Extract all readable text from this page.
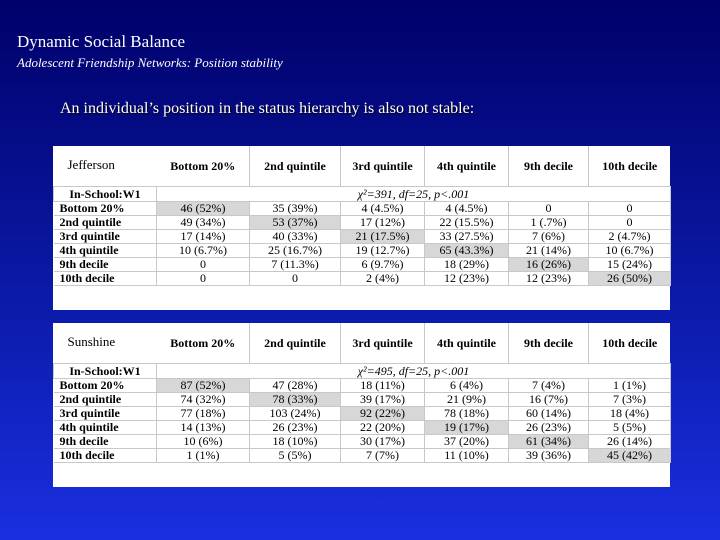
Dynamic Social Balance
Adolescent Friendship Networks: Position stability
An individual’s position in the status hierarchy is also not stable:
Jefferson	Bottom 20%	2nd quintile	3rd quintile	4th quintile	9th decile	10th decile
In-School:W1	χ²=391, df=25, p<.001					
Bottom 20%	46 (52%)	35 (39%)	4 (4.5%)	4 (4.5%)	0	0
2nd quintile	49 (34%)	53 (37%)	17 (12%)	22 (15.5%)	1 (.7%)	0
3rd quintile	17 (14%)	40 (33%)	21 (17.5%)	33 (27.5%)	7 (6%)	2 (4.7%)
4th quintile	10 (6.7%)	25 (16.7%)	19 (12.7%)	65 (43.3%)	21 (14%)	10 (6.7%)
9th decile	0	7 (11.3%)	6 (9.7%)	18 (29%)	16 (26%)	15 (24%)
10th decile	0	0	2 (4%)	12 (23%)	12 (23%)	26 (50%)
Sunshine	Bottom 20%	2nd quintile	3rd quintile	4th quintile	9th decile	10th decile
In-School:W1	χ²=495, df=25, p<.001					
Bottom 20%	87 (52%)	47 (28%)	18 (11%)	6 (4%)	7 (4%)	1 (1%)
2nd quintile	74 (32%)	78 (33%)	39 (17%)	21 (9%)	16 (7%)	7 (3%)
3rd quintile	77 (18%)	103 (24%)	92 (22%)	78 (18%)	60 (14%)	18 (4%)
4th quintile	14 (13%)	26 (23%)	22 (20%)	19 (17%)	26 (23%)	5 (5%)
9th decile	10 (6%)	18 (10%)	30 (17%)	37 (20%)	61 (34%)	26 (14%)
10th decile	1 (1%)	5 (5%)	7 (7%)	11 (10%)	39 (36%)	45 (42%)
